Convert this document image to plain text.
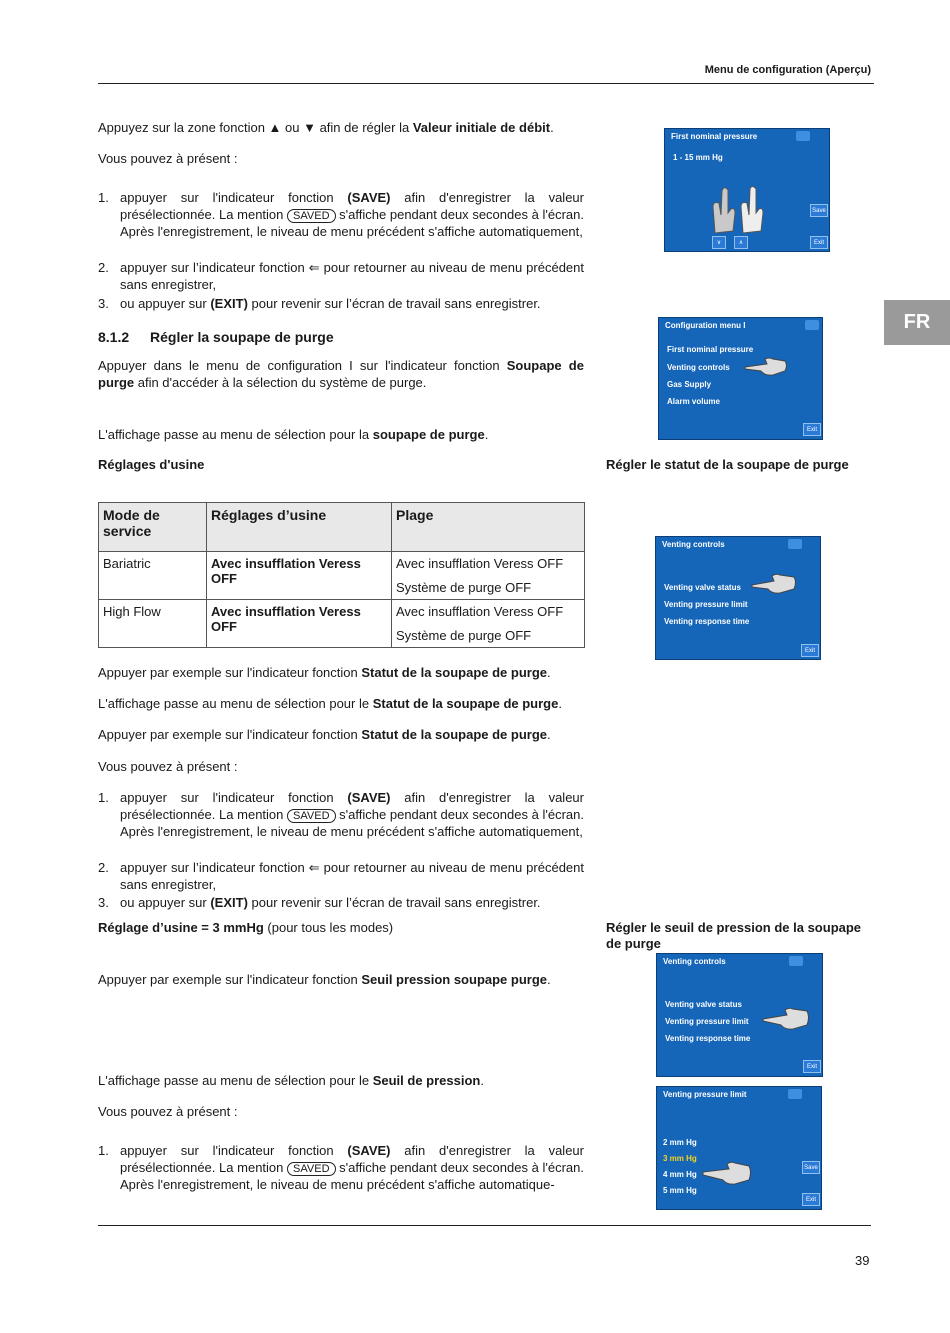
Menu de configuration (Aperçu)
FR
Appuyez sur la zone fonction ▲ ou ▼ afin de régler la Valeur initiale de débit.
Vous pouvez à présent :
1. appuyer sur l'indicateur fonction (SAVE) afin d'enregistrer la valeur présélectionnée. La mention SAVED s'affiche pendant deux secondes à l'écran. Après l'enregistrement, le niveau de menu précédent s'affiche automatiquement,
2. appuyer sur l’indicateur fonction ⇐ pour retourner au niveau de menu précédent sans enregistrer,
3. ou appuyer sur (EXIT) pour revenir sur l’écran de travail sans enregistrer.
8.1.2 Régler la soupape de purge
Appuyer dans le menu de configuration I sur l'indicateur fonction Soupape de purge afin d'accéder à la sélection du système de purge.
L'affichage passe au menu de sélection pour la soupape de purge.
Réglages d'usine	Régler le statut de la soupape de purge
Mode de service	Réglages d’usine	Plage
Bariatric	Avec insufflation Veress OFF	Avec insufflation Veress OFF
Système de purge OFF

High Flow	Avec insufflation Veress OFF	Avec insufflation Veress OFF
Système de purge OFF
Appuyer par exemple sur l'indicateur fonction Statut de la soupape de purge.
L'affichage passe au menu de sélection pour le Statut de la soupape de purge.
Appuyer par exemple sur l'indicateur fonction Statut de la soupape de purge.
Vous pouvez à présent :
1. appuyer sur l'indicateur fonction (SAVE) afin d'enregistrer la valeur présélectionnée. La mention SAVED s'affiche pendant deux secondes à l'écran. Après l'enregistrement, le niveau de menu précédent s'affiche automatiquement,
2. appuyer sur l’indicateur fonction ⇐ pour retourner au niveau de menu précédent sans enregistrer,
3. ou appuyer sur (EXIT) pour revenir sur l’écran de travail sans enregistrer.
Réglage d’usine = 3 mmHg (pour tous les modes)	Régler le seuil de pression de la soupape de purge
Appuyer par exemple sur l'indicateur fonction Seuil pression soupape purge.
L'affichage passe au menu de sélection pour le Seuil de pression.
Vous pouvez à présent :
1. appuyer sur l'indicateur fonction (SAVE) afin d'enregistrer la valeur présélectionnée. La mention SAVED s'affiche pendant deux secondes à l'écran. Après l'enregistrement, le niveau de menu précédent s'affiche automatique-
39
First nominal pressure
1 - 15 mm Hg
Save
Exit
∨	∧
Configuration menu I
First nominal pressure
Venting controls
Gas Supply
Alarm volume
Exit
Venting controls
Venting valve status
Venting pressure limit
Venting response time
Exit
Venting controls
Venting valve status
Venting pressure limit
Venting response time
Exit
Venting pressure limit
2 mm Hg
3 mm Hg
4 mm Hg
5 mm Hg
Save
Exit
